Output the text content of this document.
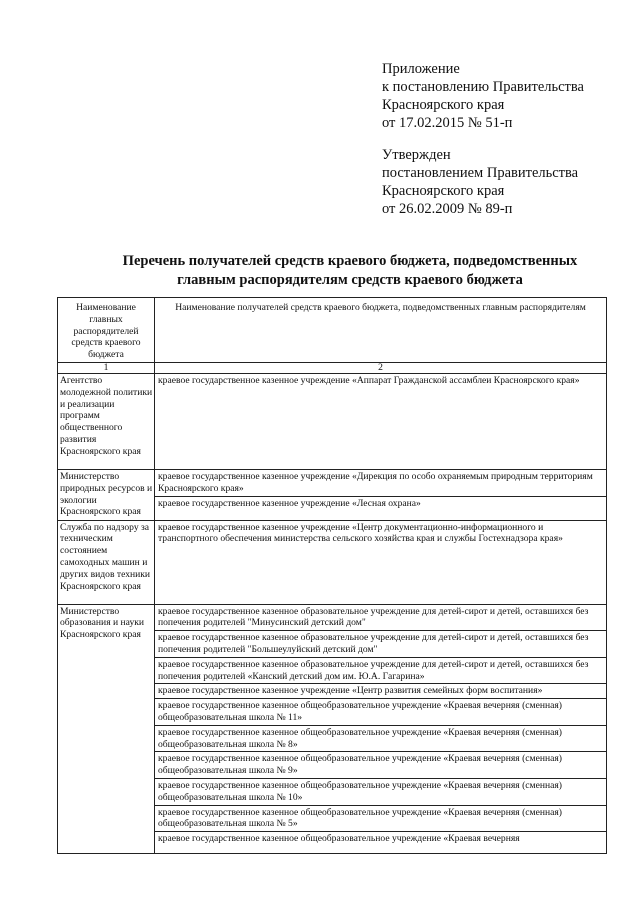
Приложение
к постановлению Правительства
Красноярского края
от 17.02.2015 № 51-п
Утвержден
постановлением Правительства
Красноярского края
от 26.02.2009 № 89-п
Перечень получателей средств краевого бюджета, подведомственных
главным распорядителям средств краевого бюджета
Наименование главных распорядителей средств краевого бюджета	Наименование получателей средств краевого бюджета, подведомственных главным распорядителям
1	2
Агентство молодежной политики и реализации программ общественного развития Красноярского края	краевое государственное казенное учреждение «Аппарат Гражданской ассамблеи Красноярского края»
Министерство природных ресурсов и экологии Красноярского края	краевое государственное казенное учреждение «Дирекция по особо охраняемым природным территориям Красноярского края»
	краевое государственное казенное учреждение «Лесная охрана»
Служба по надзору за техническим состоянием самоходных машин и других видов техники Красноярского края	краевое государственное казенное учреждение «Центр документационно-информационного и транспортного обеспечения министерства сельского хозяйства края и службы Гостехнадзора края»
Министерство образования и науки Красноярского края	краевое государственное казенное образовательное учреждение для детей-сирот и детей, оставшихся без попечения родителей "Минусинский детский дом"
	краевое государственное казенное образовательное учреждение для детей-сирот и детей, оставшихся без попечения родителей "Большеулуйский детский дом"
	краевое государственное казенное образовательное учреждение для детей-сирот и детей, оставшихся без попечения родителей «Канский детский дом им. Ю.А. Гагарина»
	краевое государственное казенное учреждение «Центр развития семейных форм воспитания»
	краевое государственное казенное общеобразовательное учреждение «Краевая вечерняя (сменная) общеобразовательная школа № 11»
	краевое государственное казенное общеобразовательное учреждение «Краевая вечерняя (сменная) общеобразовательная школа № 8»
	краевое государственное казенное общеобразовательное учреждение «Краевая вечерняя (сменная) общеобразовательная школа № 9»
	краевое государственное казенное общеобразовательное учреждение «Краевая вечерняя (сменная) общеобразовательная школа № 10»
	краевое государственное казенное общеобразовательное учреждение «Краевая вечерняя (сменная) общеобразовательная школа № 5»
	краевое государственное казенное общеобразовательное учреждение «Краевая вечерняя
